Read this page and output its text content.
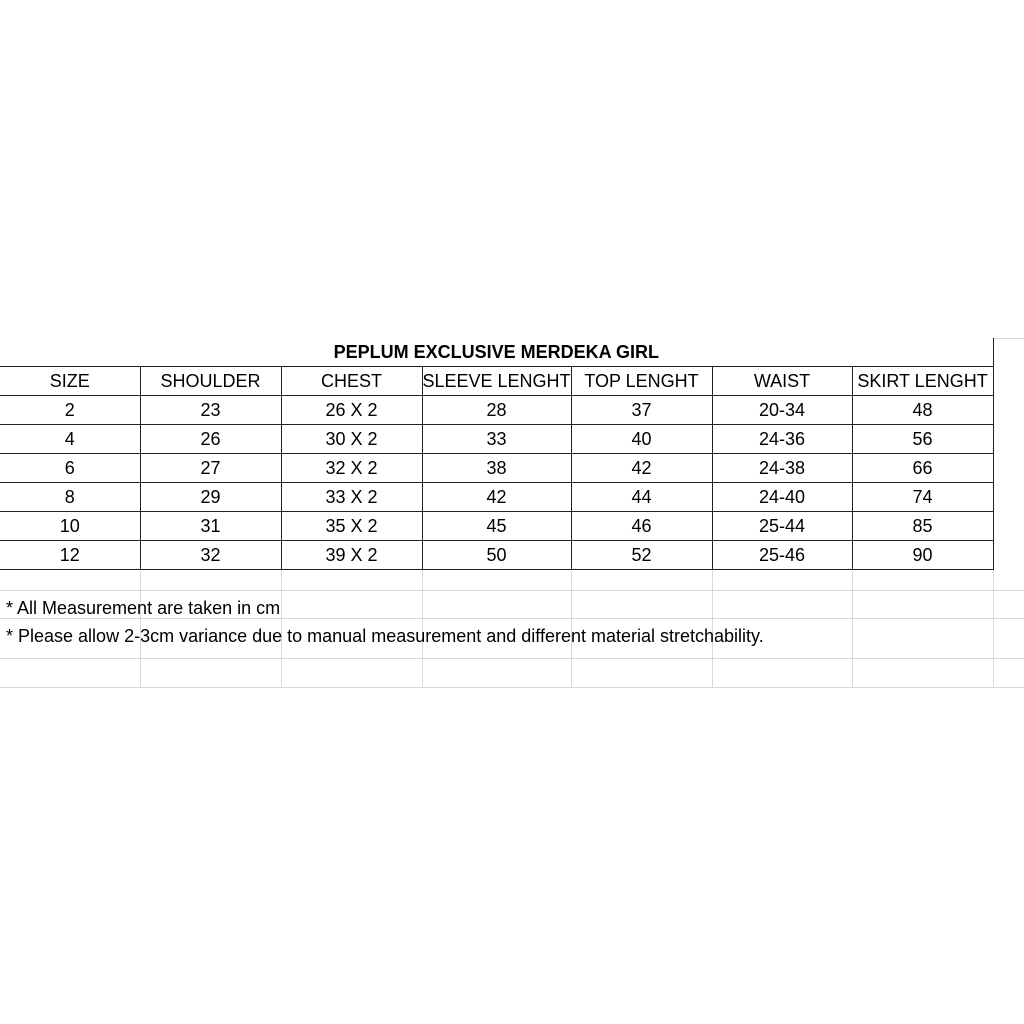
PEPLUM EXCLUSIVE MERDEKA GIRL						
SIZE	SHOULDER	CHEST	SLEEVE LENGHT	TOP LENGHT	WAIST	SKIRT LENGHT
2	23	26 X 2	28	37	20-34	48
4	26	30 X 2	33	40	24-36	56
6	27	32 X 2	38	42	24-38	66
8	29	33 X 2	42	44	24-40	74
10	31	35 X 2	45	46	25-44	85
12	32	39 X 2	50	52	25-46	90
* All Measurement are taken in cm
* Please allow 2-3cm variance due to manual measurement and different material stretchability.
